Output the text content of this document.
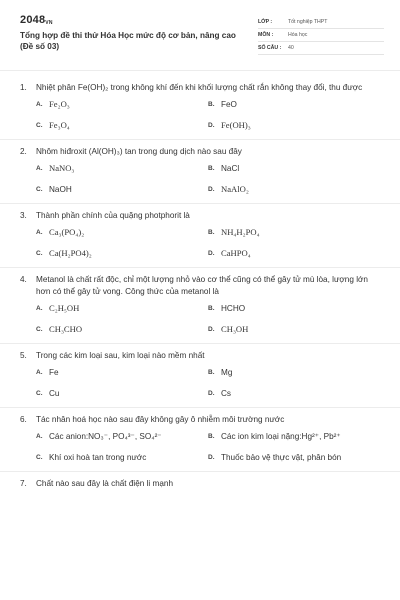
$2048_{VN}$
Tổng hợp đề thi thử Hóa Học mức độ cơ bản, nâng cao (Đề số 03)
LỚP :	Tốt nghiệp THPT
MÔN :	Hóa học
SỐ CÂU :	40
1.	Nhiệt phân Fe(OH)₂ trong không khí đến khi khối lượng chất rắn không thay đổi, thu được
A. Fe₂O₃	B. FeO
C. Fe₃O₄	D. Fe(OH)₃
2.	Nhôm hiđroxit (Al(OH)₃) tan trong dung dịch nào sau đây
A. NaNO₃	B. NaCl
C. NaOH	D. NaAlO₂
3.	Thành phần chính của quặng photphorit là
A. Ca₃(PO₄)₂	B. NH₄H₂PO₄
C. Ca(H₂PO4)₂	D. CaHPO₄
4.	Metanol là chất rất độc, chỉ một lượng nhỏ vào cơ thể cũng có thể gây tử mù lòa, lượng lớn hơn có thể gây tử vong. Công thức của metanol là
A. C₂H₅OH	B. HCHO
C. CH₃CHO	D. CH₃OH
5.	Trong các kim loại sau, kim loại nào mềm nhất
A. Fe	B. Mg
C. Cu	D. Cs
6.	Tác nhân hoá học nào sau đây không gây ô nhiễm môi trường nước
A. Các anion:NO₃⁻, PO₄³⁻, SO₄²⁻	B. Các ion kim loại nặng:Hg²⁺, Pb²⁺
C. Khí oxi hoà tan trong nước	D. Thuốc bảo vệ thực vật, phân bón
7.	Chất nào sau đây là chất điện li mạnh
